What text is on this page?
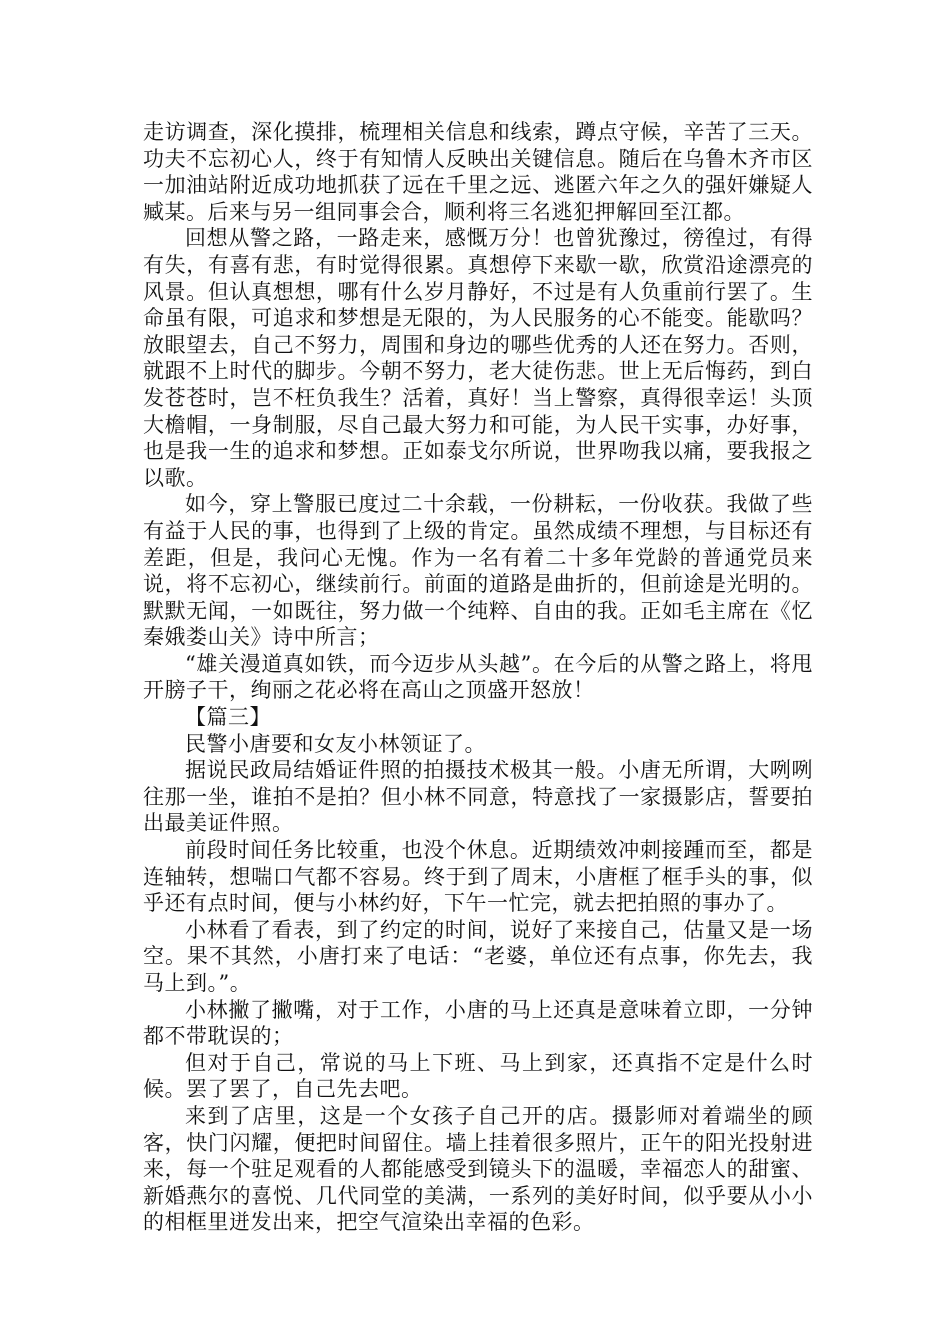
走访调查，深化摸排，梳理相关信息和线索，蹲点守候，辛苦了三天。功夫不忘初心人，终于有知情人反映出关键信息。随后在乌鲁木齐市区一加油站附近成功地抓获了远在千里之远、逃匿六年之久的强奸嫌疑人臧某。后来与另一组同事会合，顺利将三名逃犯押解回至江都。

回想从警之路，一路走来，感慨万分！也曾犹豫过，徬徨过，有得有失，有喜有悲，有时觉得很累。真想停下来歇一歇，欣赏沿途漂亮的风景。但认真想想，哪有什么岁月静好，不过是有人负重前行罢了。生命虽有限，可追求和梦想是无限的，为人民服务的心不能变。能歇吗？放眼望去，自己不努力，周围和身边的哪些优秀的人还在努力。否则，就跟不上时代的脚步。今朝不努力，老大徒伤悲。世上无后悔药，到白发苍苍时，岂不枉负我生？活着，真好！当上警察，真得很幸运！头顶大檐帽，一身制服，尽自己最大努力和可能，为人民干实事，办好事，也是我一生的追求和梦想。正如泰戈尔所说，世界吻我以痛，要我报之以歌。

如今，穿上警服已度过二十余载，一份耕耘，一份收获。我做了些有益于人民的事，也得到了上级的肯定。虽然成绩不理想，与目标还有差距，但是，我问心无愧。作为一名有着二十多年党龄的普通党员来说，将不忘初心，继续前行。前面的道路是曲折的，但前途是光明的。默默无闻，一如既往，努力做一个纯粹、自由的我。正如毛主席在《忆秦娥娄山关》诗中所言；

“雄关漫道真如铁，而今迈步从头越”。在今后的从警之路上，将甩开膀子干，绚丽之花必将在高山之顶盛开怒放！

【篇三】

民警小唐要和女友小林领证了。

据说民政局结婚证件照的拍摄技术极其一般。小唐无所谓，大咧咧往那一坐，谁拍不是拍？但小林不同意，特意找了一家摄影店，誓要拍出最美证件照。

前段时间任务比较重，也没个休息。近期绩效冲刺接踵而至，都是连轴转，想喘口气都不容易。终于到了周末，小唐框了框手头的事，似乎还有点时间，便与小林约好，下午一忙完，就去把拍照的事办了。

小林看了看表，到了约定的时间，说好了来接自己，估量又是一场空。果不其然，小唐打来了电话：“老婆，单位还有点事，你先去，我马上到。”。

小林撇了撇嘴，对于工作，小唐的马上还真是意味着立即，一分钟都不带耽误的；

但对于自己，常说的马上下班、马上到家，还真指不定是什么时候。罢了罢了，自己先去吧。

来到了店里，这是一个女孩子自己开的店。摄影师对着端坐的顾客，快门闪耀，便把时间留住。墙上挂着很多照片，正午的阳光投射进来，每一个驻足观看的人都能感受到镜头下的温暖，幸福恋人的甜蜜、新婚燕尔的喜悦、几代同堂的美满，一系列的美好时间，似乎要从小小的相框里迸发出来，把空气渲染出幸福的色彩。
